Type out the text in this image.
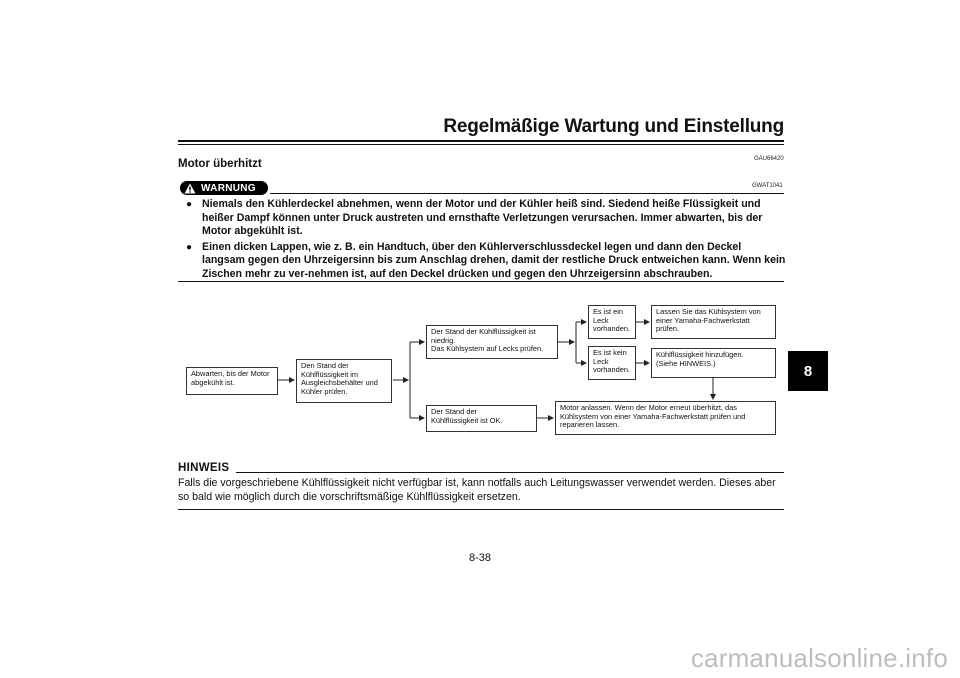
Regelmäßige Wartung und Einstellung
8
GAU66420
Motor überhitzt
WARNUNG	GWAT1041
● Niemals den Kühlerdeckel abnehmen, wenn der Motor und der Kühler heiß sind. Siedend heiße Flüssigkeit und heißer Dampf können unter Druck austreten und ernsthafte Verletzungen verursachen. Immer abwarten, bis der Motor abgekühlt ist.
● Einen dicken Lappen, wie z. B. ein Handtuch, über den Kühlerverschlussdeckel legen und dann den Deckel langsam gegen den Uhrzeigersinn bis zum Anschlag drehen, damit der restliche Druck entweichen kann. Wenn kein Zischen mehr zu ver-nehmen ist, auf den Deckel drücken und gegen den Uhrzeigersinn abschrauben.
Abwarten, bis der Motor
abgekühlt ist.
Den Stand der
Kühlflüssigkeit im
Ausgleichsbehälter und
Kühler prüfen.
Der Stand der Kühlflüssigkeit ist
niedrig.
Das Kühlsystem auf Lecks prüfen.
Der Stand der
Kühlflüssigkeit ist OK.
Es ist ein
Leck
vorhanden.
Es ist kein
Leck
vorhanden.
Lassen Sie das Kühlsystem von
einer Yamaha-Fachwerkstatt
prüfen.
Kühlflüssigkeit hinzufügen.
(Siehe HINWEIS.)
Motor anlassen. Wenn der Motor erneut überhitzt, das
Kühlsystem von einer Yamaha-Fachwerkstatt prüfen und
reparieren lassen.
HINWEIS
Falls die vorgeschriebene Kühlflüssigkeit nicht verfügbar ist, kann notfalls auch Leitungswasser verwendet werden. Dieses aber so bald wie möglich durch die vorschriftsmäßige Kühlflüssigkeit ersetzen.
8-38
carmanualsonline.info
